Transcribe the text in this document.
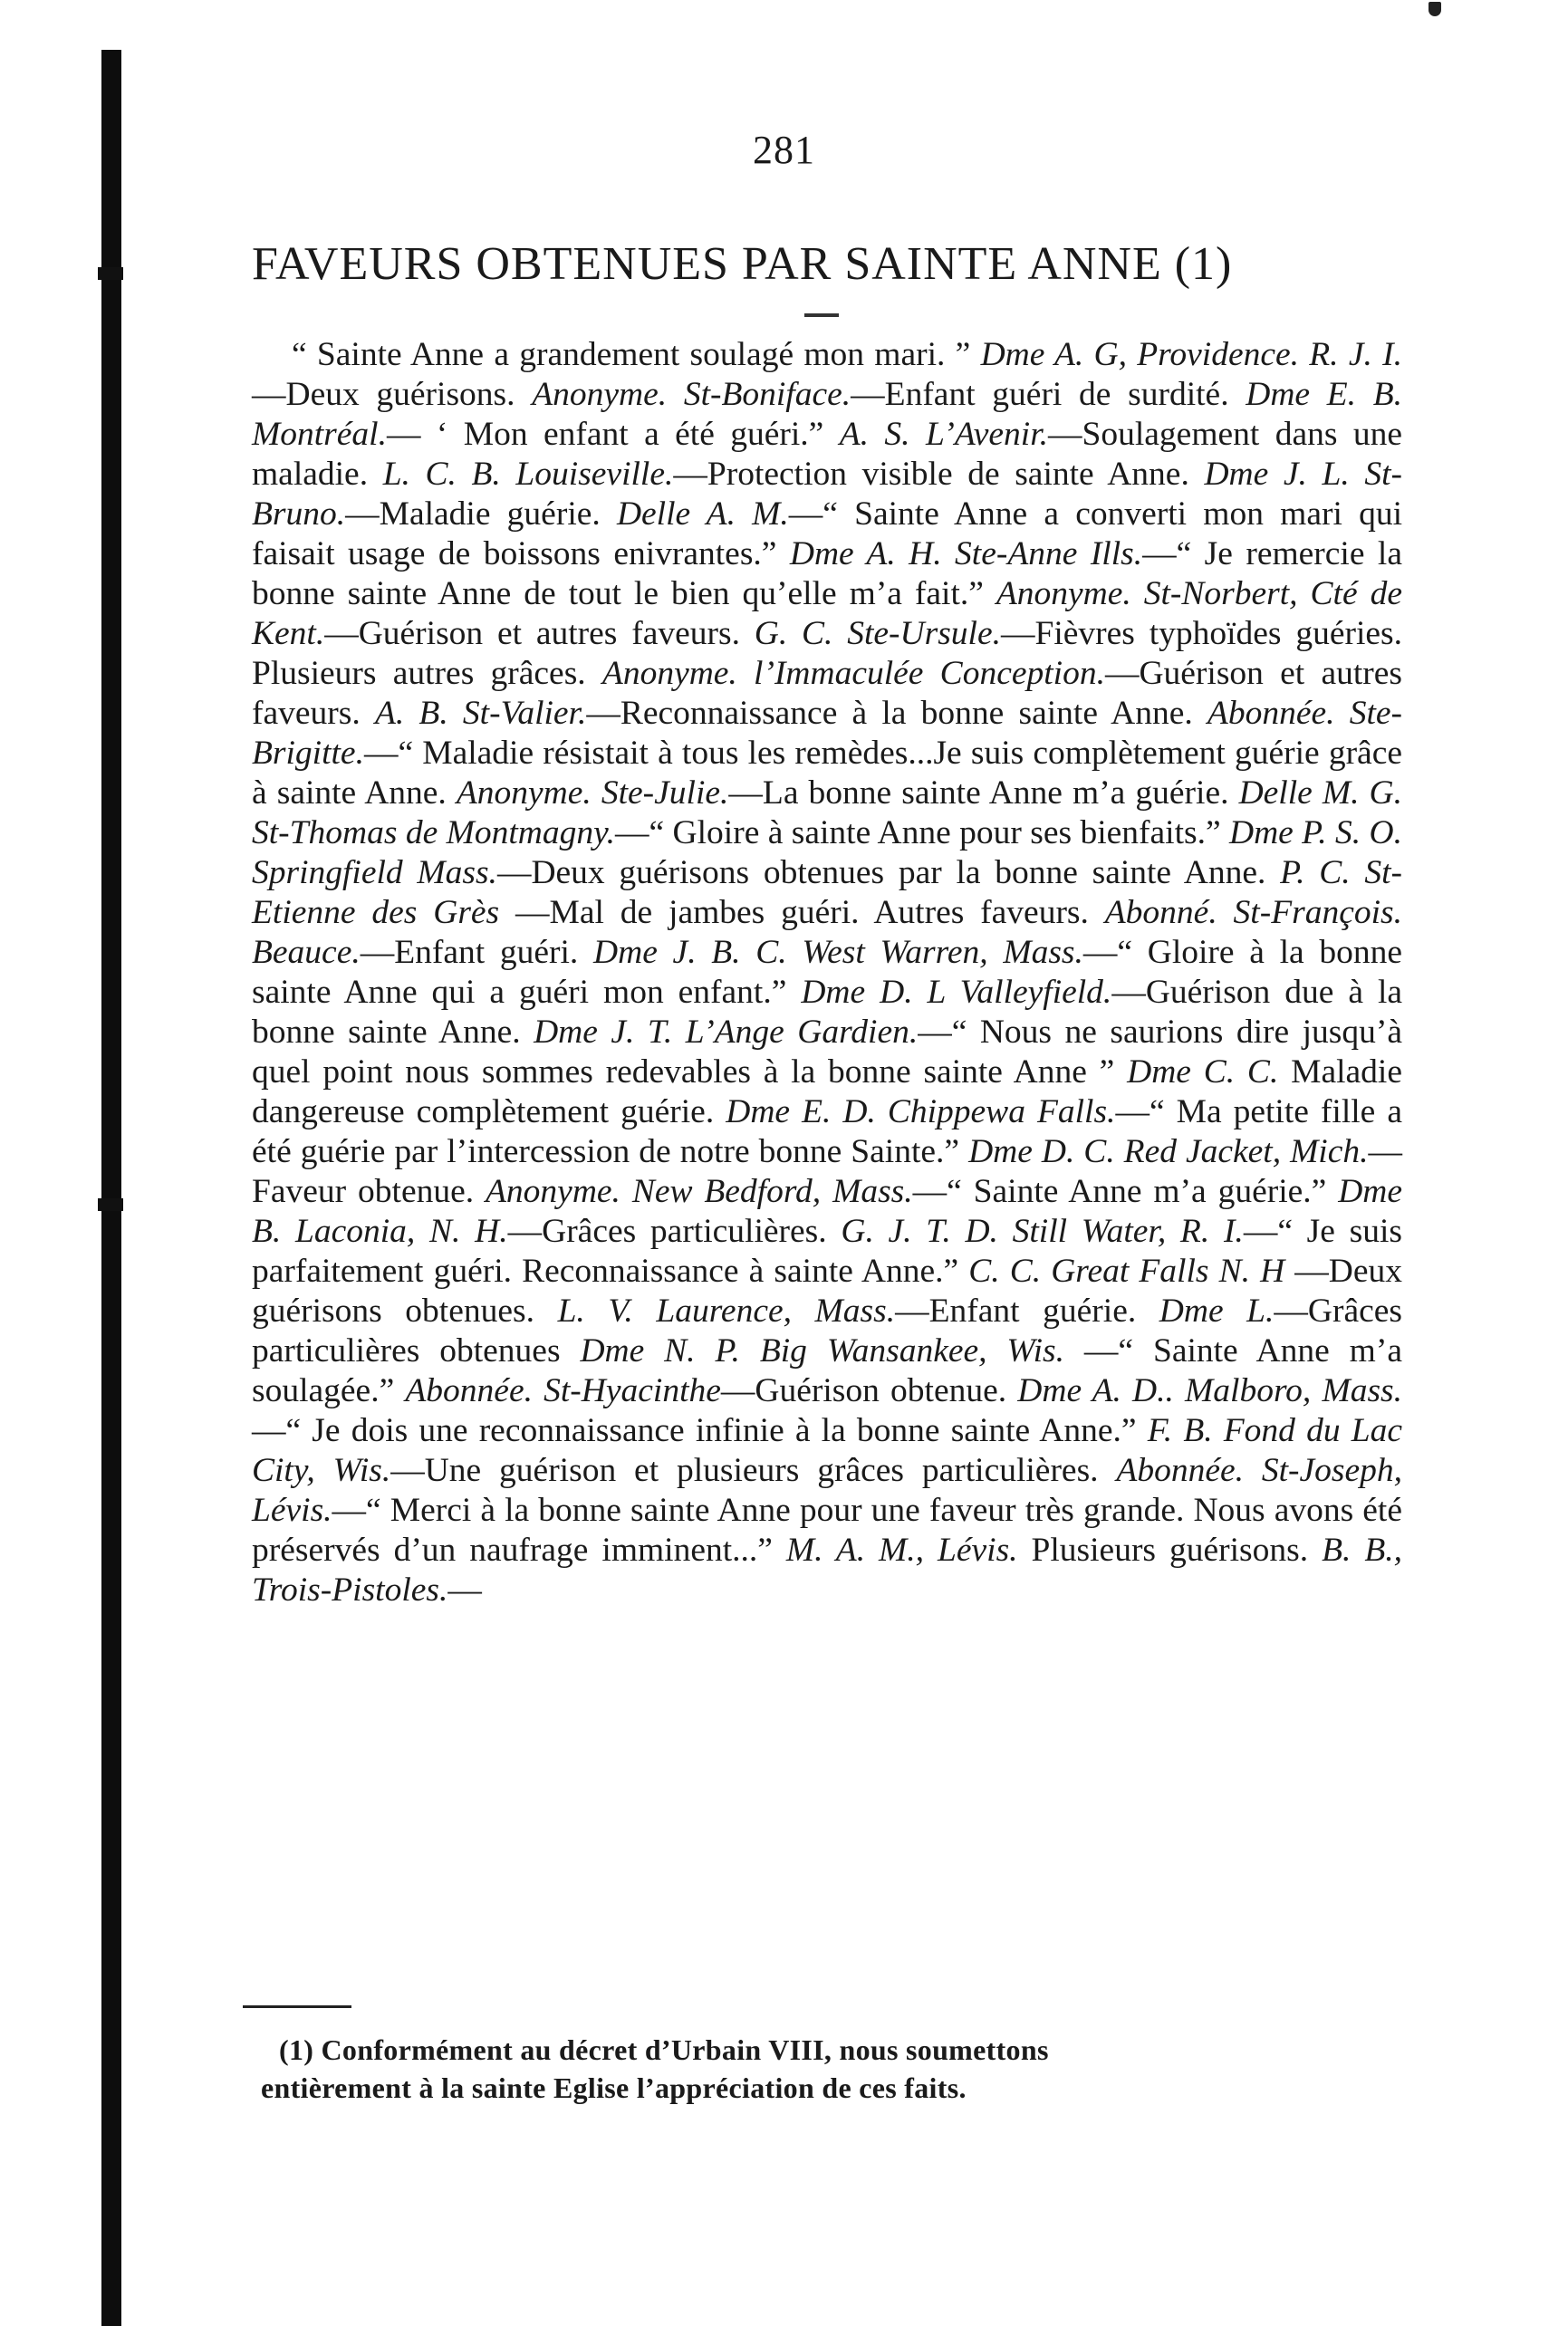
281
FAVEURS OBTENUES PAR SAINTE ANNE (1)

“ Sainte Anne a grandement soulagé mon mari. ” Dme A. G, Providence. R. J. I.—Deux guérisons. Anonyme. St-Boniface.—Enfant guéri de surdité. Dme E. B. Montréal.— ‘ Mon enfant a été guéri.” A. S. L’Avenir.—Soulagement dans une maladie. L. C. B. Louiseville.—Protection visible de sainte Anne. Dme J. L. St-Bruno.—Maladie guérie. Delle A. M.—“ Sainte Anne a converti mon mari qui faisait usage de boissons enivrantes.” Dme A. H. Ste-Anne Ills.—“ Je remercie la bonne sainte Anne de tout le bien qu’elle m’a fait.” Anonyme. St-Norbert, Cté de Kent.—Guérison et autres faveurs. G. C. Ste-Ursule.—Fièvres typhoïdes guéries. Plusieurs autres grâces. Anonyme. l’Immaculée Conception.—Guérison et autres faveurs. A. B. St-Valier.—Reconnaissance à la bonne sainte Anne. Abonnée. Ste-Brigitte.—“ Maladie résistait à tous les remèdes...Je suis complètement guérie grâce à sainte Anne. Anonyme. Ste-Julie.—La bonne sainte Anne m’a guérie. Delle M. G. St-Thomas de Montmagny.—“ Gloire à sainte Anne pour ses bienfaits.” Dme P. S. O. Springfield Mass.—Deux guérisons obtenues par la bonne sainte Anne. P. C. St-Etienne des Grès —Mal de jambes guéri. Autres faveurs. Abonné. St-François. Beauce.—Enfant guéri. Dme J. B. C. West Warren, Mass.—“ Gloire à la bonne sainte Anne qui a guéri mon enfant.” Dme D. L Valleyfield.—Guérison due à la bonne sainte Anne. Dme J. T. L’Ange Gardien.—“ Nous ne saurions dire jusqu’à quel point nous sommes redevables à la bonne sainte Anne ” Dme C. C. Maladie dangereuse complètement guérie. Dme E. D. Chippewa Falls.—“ Ma petite fille a été guérie par l’intercession de notre bonne Sainte.” Dme D. C. Red Jacket, Mich.—Faveur obtenue. Anonyme. New Bedford, Mass.—“ Sainte Anne m’a guérie.” Dme B. Laconia, N. H.—Grâces particulières. G. J. T. D. Still Water, R. I.—“ Je suis parfaitement guéri. Reconnaissance à sainte Anne.” C. C. Great Falls N. H —Deux guérisons obtenues. L. V. Laurence, Mass.—Enfant guérie. Dme L.—Grâces particulières obtenues Dme N. P. Big Wansankee, Wis. —“ Sainte Anne m’a soulagée.” Abonnée. St-Hyacinthe—Guérison obtenue. Dme A. D.. Malboro, Mass.—“ Je dois une reconnaissance infinie à la bonne sainte Anne.” F. B. Fond du Lac City, Wis.—Une guérison et plusieurs grâces particulières. Abonnée. St-Joseph, Lévis.—“ Merci à la bonne sainte Anne pour une faveur très grande. Nous avons été préservés d’un naufrage imminent...” M. A. M., Lévis. Plusieurs guérisons. B. B., Trois-Pistoles.—

(1) Conformément au décret d’Urbain VIII, nous soumettons
entièrement à la sainte Eglise l’appréciation de ces faits.
